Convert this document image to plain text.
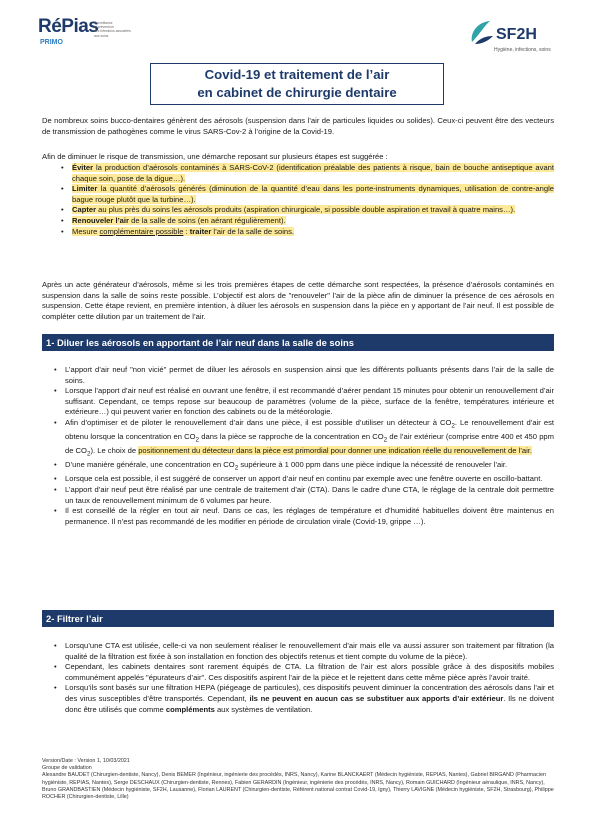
RéPias
PRIMO
Surveillance
et prévention
des infections associées
aux soins	SF2H
Hygiène, infections, soins
Covid-19 et traitement de l’air
en cabinet de chirurgie dentaire
De nombreux soins bucco-dentaires génèrent des aérosols (suspension dans l’air de particules liquides ou solides). Ceux-ci peuvent être des vecteurs de transmission de pathogènes comme le virus SARS-Cov-2 à l’origine de la Covid-19.
Afin de diminuer le risque de transmission, une démarche reposant sur plusieurs étapes est suggérée :
• Éviter la production d’aérosols contaminés à SARS-CoV-2 (identification préalable des patients à risque, bain de bouche antiseptique avant chaque soin, pose de la digue…).
• Limiter la quantité d’aérosols générés (diminution de la quantité d’eau dans les porte-instruments dynamiques, utilisation de contre-angle bague rouge plutôt que la turbine…).
• Capter au plus près du soins les aérosols produits (aspiration chirurgicale, si possible double aspiration et travail à quatre mains…).
• Renouveler l’air de la salle de soins (en aérant régulièrement).
• Mesure complémentaire possible : traiter l’air de la salle de soins.
Après un acte générateur d’aérosols, même si les trois premières étapes de cette démarche sont respectées, la présence d’aérosols contaminés en suspension dans la salle de soins reste possible. L’objectif est alors de "renouveler" l’air de la pièce afin de diminuer la présence de ces aérosols en suspension. Cette étape revient, en première intention, à diluer les aérosols en suspension dans la pièce en y apportant de l’air neuf. Il est possible de compléter cette dilution par un traitement de l’air.
1- Diluer les aérosols en apportant de l’air neuf dans la salle de soins
• L’apport d’air neuf "non vicié" permet de diluer les aérosols en suspension ainsi que les différents polluants présents dans l’air de la salle de soins.
• Lorsque l’apport d’air neuf est réalisé en ouvrant une fenêtre, il est recommandé d’aérer pendant 15 minutes pour obtenir un renouvellement d’air suffisant. Cependant, ce temps repose sur beaucoup de paramètres (volume de la pièce, surface de la fenêtre, températures intérieure et extérieure…) qui peuvent varier en fonction des cabinets ou de la météorologie.
• Afin d’optimiser et de piloter le renouvellement d’air dans une pièce, il est possible d’utiliser un détecteur à $CO_2$. Le renouvellement d’air est obtenu lorsque la concentration en $CO_2$ dans la pièce se rapproche de la concentration en $CO_2$ de l’air extérieur (comprise entre 400 et 450 ppm de $CO_2$). Le choix de positionnement du détecteur dans la pièce est primordial pour donner une indication réelle du renouvellement de l’air.
• D’une manière générale, une concentration en $CO_2$ supérieure à 1 000 ppm dans une pièce indique la nécessité de renouveler l’air.
• Lorsque cela est possible, il est suggéré de conserver un apport d’air neuf en continu par exemple avec une fenêtre ouverte en oscillo-battant.
• L’apport d’air neuf peut être réalisé par une centrale de traitement d’air (CTA). Dans le cadre d’une CTA, le réglage de la centrale doit permettre un taux de renouvellement minimum de 6 volumes par heure.
• Il est conseillé de la régler en tout air neuf. Dans ce cas, les réglages de température et d’humidité habituelles doivent être maintenus en permanence. Il n’est pas recommandé de les modifier en période de circulation virale (Covid-19, grippe …).
2- Filtrer l’air
• Lorsqu’une CTA est utilisée, celle-ci va non seulement réaliser le renouvellement d’air mais elle va aussi assurer son traitement par filtration (la qualité de la filtration est fixée à son installation en fonction des objectifs retenus et tient compte du volume de la pièce).
• Cependant, les cabinets dentaires sont rarement équipés de CTA. La filtration de l’air est alors possible grâce à des dispositifs mobiles communément appelés "épurateurs d’air". Ces dispositifs aspirent l’air de la pièce et le rejettent dans cette même pièce après l’avoir traité.
• Lorsqu’ils sont basés sur une filtration HEPA (piégeage de particules), ces dispositifs peuvent diminuer la concentration des aérosols dans l’air et des virus susceptibles d’être transportés. Cependant, ils ne peuvent en aucun cas se substituer aux apports d’air extérieur. Ils ne doivent donc être utilisés que comme compléments aux systèmes de ventilation.
Version/Date : Version 1, 10/03/2021
Groupe de validation
Alexandre BAUDET (Chirurgien-dentiste, Nancy), Denis BEMER (Ingénieur, ingénierie des procédés, INRS, Nancy), Karine BLANCKAERT (Médecin hygiéniste, REPIAS, Nantes), Gabriel BIRGAND (Pharmacien hygiéniste, REPIAS, Nantes), Serge DESCHAUX (Chirurgien-dentiste, Rennes), Fabien GERARDIN (Ingénieur, ingénierie des procédés, INRS, Nancy), Romain GUICHARD (Ingénieur aéraulique, INRS, Nancy), Bruno GRANDBASTIEN (Médecin hygiéniste, SF2H, Lausanne), Florian LAURENT (Chirurgien-dentiste, Référent national contrat Covid-19, Igny), Thierry LAVIGNE (Médecin hygiéniste, SF2H, Strasbourg), Philippe ROCHER (Chirurgien-dentiste, Lille)
